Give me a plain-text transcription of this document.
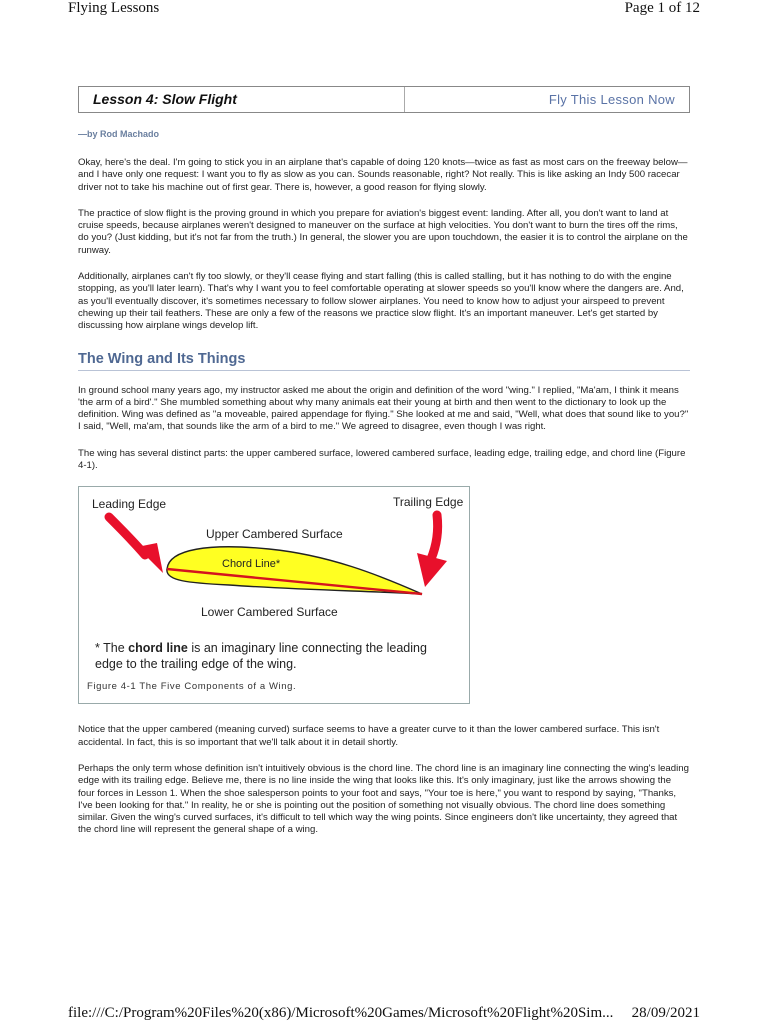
Flying Lessons	Page 1 of 12
Lesson 4: Slow Flight	Fly This Lesson Now
—by Rod Machado

Okay, here's the deal. I'm going to stick you in an airplane that's capable of doing 120 knots—twice as fast as most cars on the freeway below—and I have only one request: I want you to fly as slow as you can. Sounds reasonable, right? Not really. This is like asking an Indy 500 racecar driver not to take his machine out of first gear. There is, however, a good reason for flying slowly.

The practice of slow flight is the proving ground in which you prepare for aviation's biggest event: landing. After all, you don't want to land at cruise speeds, because airplanes weren't designed to maneuver on the surface at high velocities. You don't want to burn the tires off the rims, do you? (Just kidding, but it's not far from the truth.) In general, the slower you are upon touchdown, the easier it is to control the airplane on the runway.

Additionally, airplanes can't fly too slowly, or they'll cease flying and start falling (this is called stalling, but it has nothing to do with the engine stopping, as you'll later learn). That's why I want you to feel comfortable operating at slower speeds so you'll know where the dangers are. And, as you'll eventually discover, it's sometimes necessary to follow slower airplanes. You need to know how to adjust your airspeed to prevent chewing up their tail feathers. These are only a few of the reasons we practice slow flight. It's an important maneuver. Let's get started by discussing how airplane wings develop lift.

The Wing and Its Things

In ground school many years ago, my instructor asked me about the origin and definition of the word "wing." I replied, "Ma'am, I think it means 'the arm of a bird'." She mumbled something about why many animals eat their young at birth and then went to the dictionary to look up the definition. Wing was defined as "a moveable, paired appendage for flying." She looked at me and said, "Well, what does that sound like to you?" I said, "Well, ma'am, that sounds like the arm of a bird to me." We agreed to disagree, even though I was right.

The wing has several distinct parts: the upper cambered surface, lowered cambered surface, leading edge, trailing edge, and chord line (Figure 4-1).

Leading Edge	Trailing Edge
Upper Cambered Surface
Chord Line*
Lower Cambered Surface
* The chord line is an imaginary line connecting the leading edge to the trailing edge of the wing.
Figure 4-1 The Five Components of a Wing.

Notice that the upper cambered (meaning curved) surface seems to have a greater curve to it than the lower cambered surface. This isn't accidental. In fact, this is so important that we'll talk about it in detail shortly.

Perhaps the only term whose definition isn't intuitively obvious is the chord line. The chord line is an imaginary line connecting the wing's leading edge with its trailing edge. Believe me, there is no line inside the wing that looks like this. It's only imaginary, just like the arrows showing the four forces in Lesson 1. When the shoe salesperson points to your foot and says, "Your toe is here," you want to respond by saying, "Thanks, I've been looking for that." In reality, he or she is pointing out the position of something not visually obvious. The chord line does something similar. Given the wing's curved surfaces, it's difficult to tell which way the wing points. Since engineers don't like uncertainty, they agreed that the chord line will represent the general shape of a wing.

file:///C:/Program%20Files%20(x86)/Microsoft%20Games/Microsoft%20Flight%20Sim... 28/09/2021
